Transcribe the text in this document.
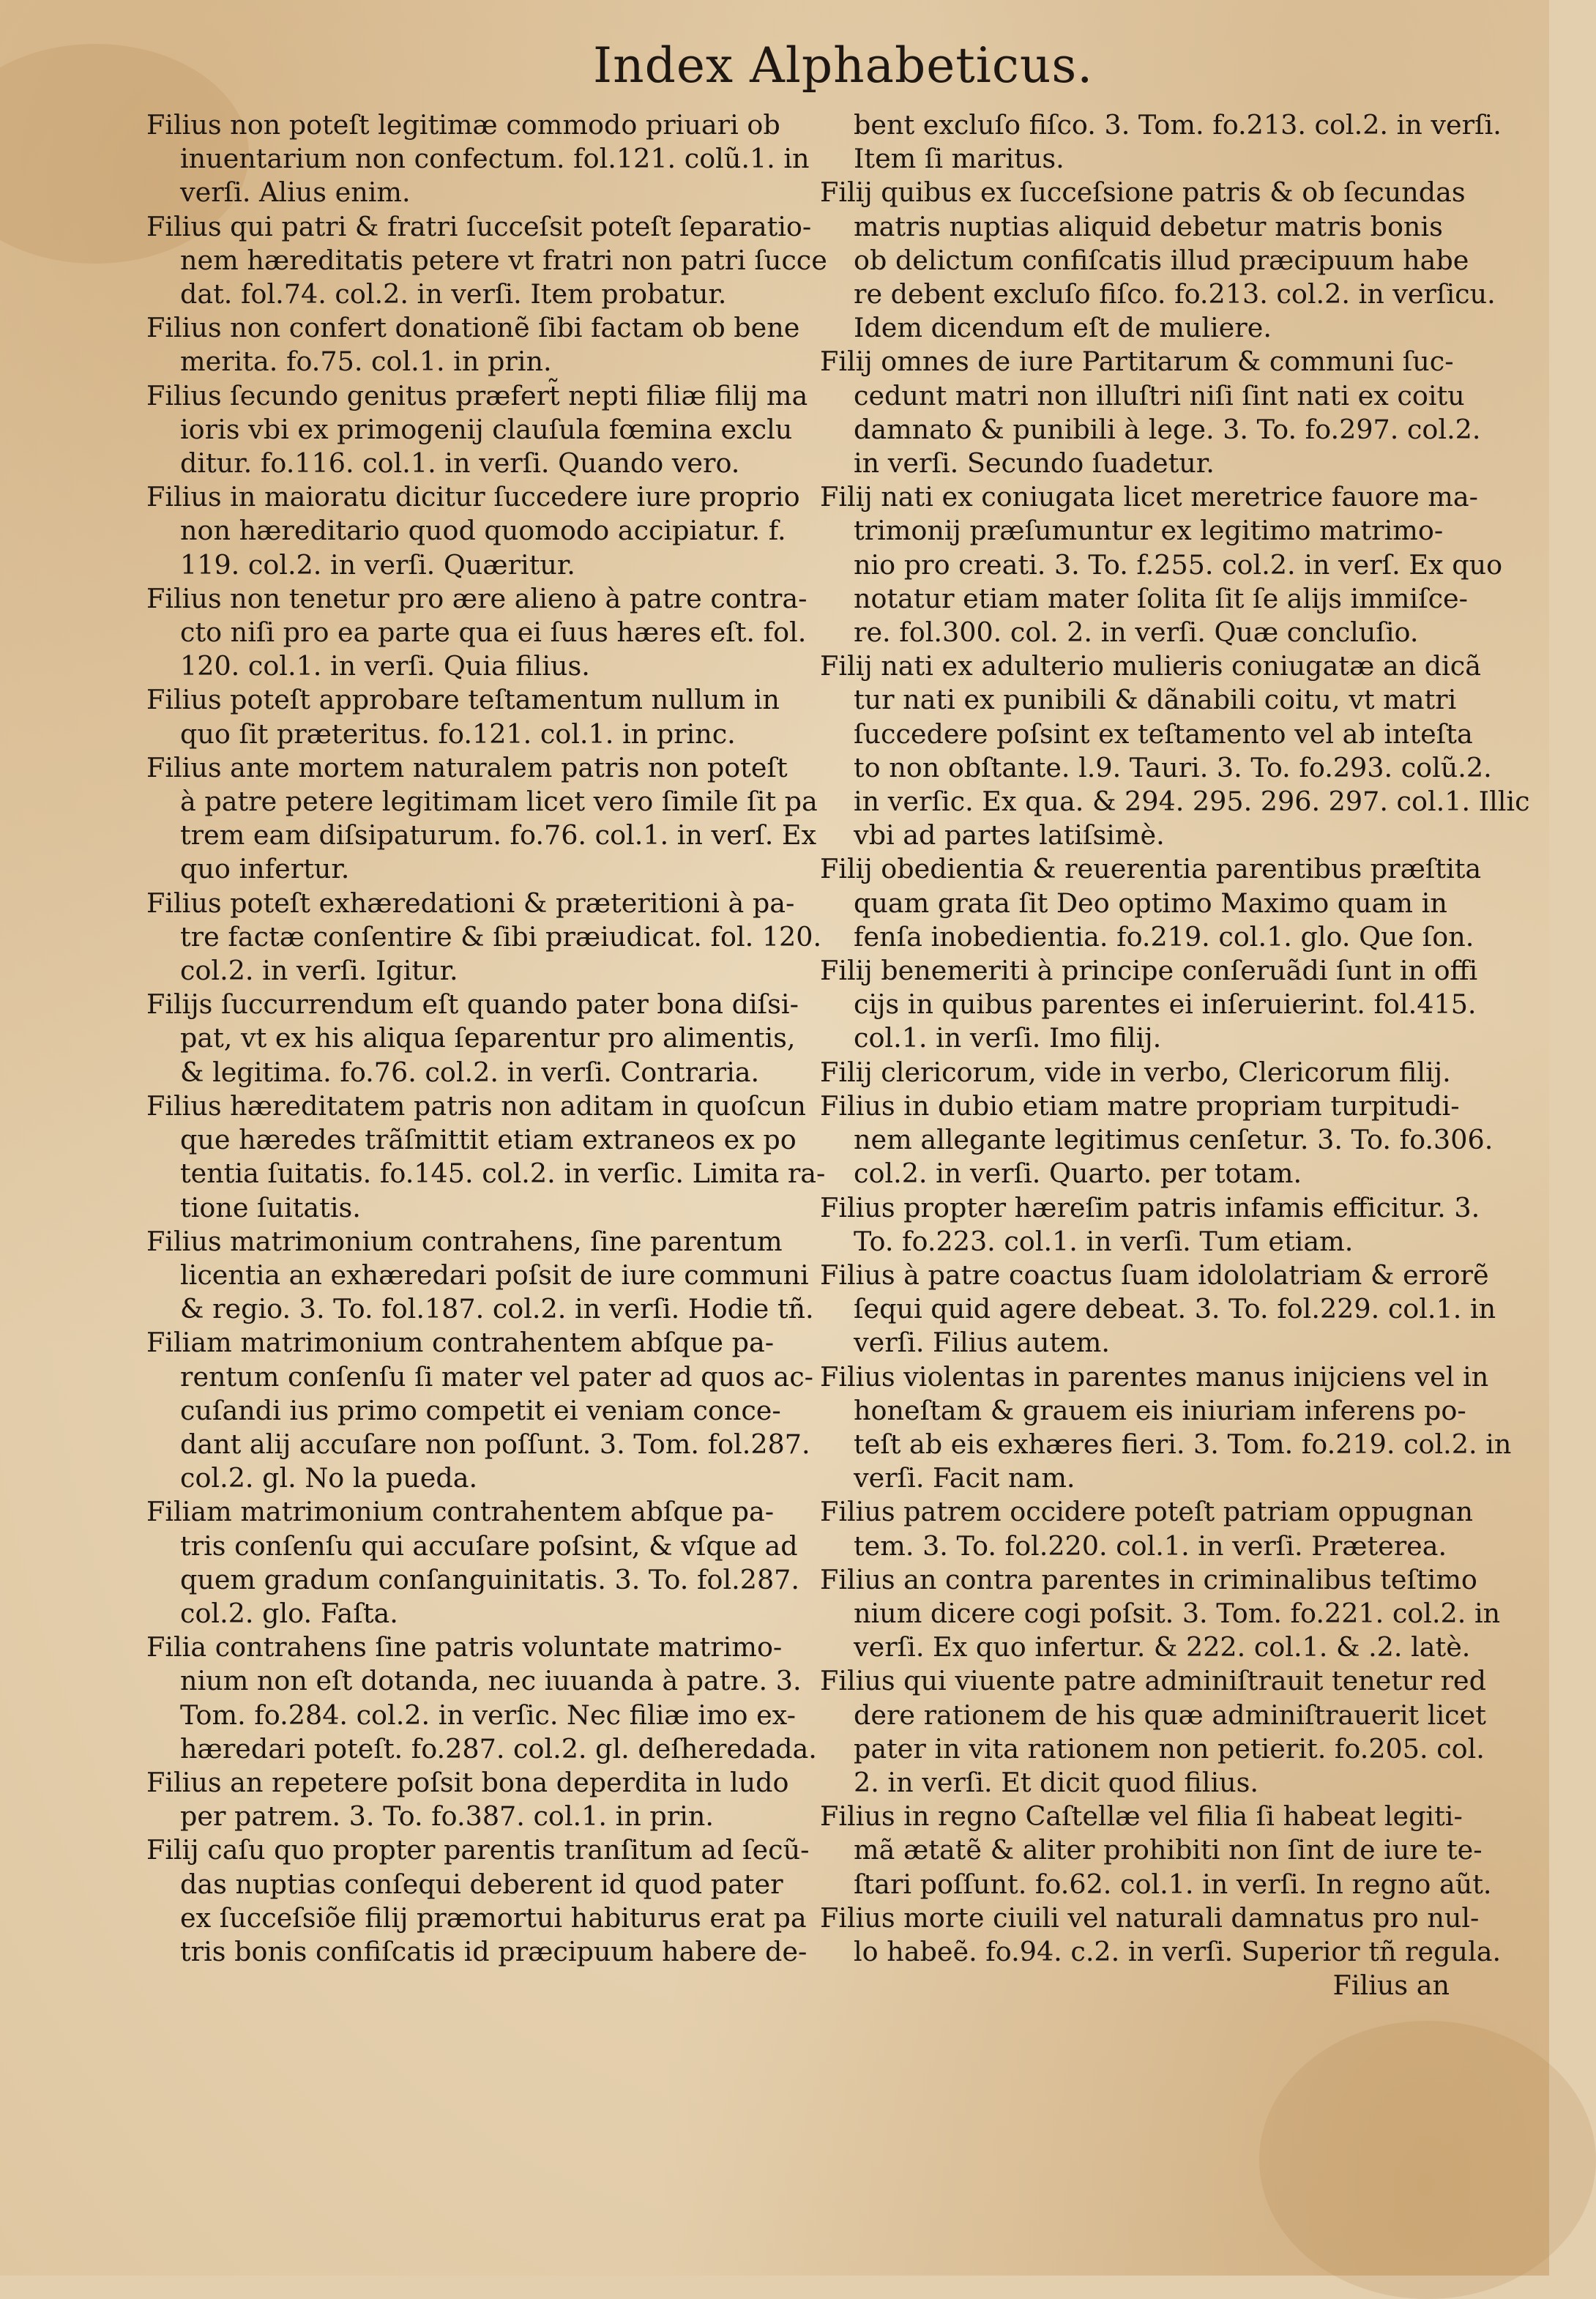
Index Alphabeticus.
Filius non poteſt legitimæ commodo priuari ob
inuentarium non confectum. fol.121. colũ.1. in
verſi. Alius enim.
Filius qui patri & fratri ſucceſsit poteſt ſeparatio-
nem hæreditatis petere vt fratri non patri ſucce
dat. fol.74. col.2. in verſi. Item probatur.
Filius non confert donationẽ ſibi factam ob bene
merita. fo.75. col.1. in prin.
Filius ſecundo genitus præfert̃ nepti filiæ filij ma
ioris vbi ex primogenij clauſula fœmina exclu
ditur. fo.116. col.1. in verſi. Quando vero.
Filius in maioratu dicitur ſuccedere iure proprio
non hæreditario quod quomodo accipiatur. f.
119. col.2. in verſi. Quæritur.
Filius non tenetur pro ære alieno à patre contra-
cto niſi pro ea parte qua ei ſuus hæres eſt. fol.
120. col.1. in verſi. Quia filius.
Filius poteſt approbare teſtamentum nullum in
quo ſit præteritus. fo.121. col.1. in princ.
Filius ante mortem naturalem patris non poteſt
à patre petere legitimam licet vero ſimile ſit pa
trem eam diſsipaturum. fo.76. col.1. in verſ. Ex
quo infertur.
Filius poteſt exhæredationi & præteritioni à pa-
tre factæ conſentire & ſibi præiudicat. fol. 120.
col.2. in verſi. Igitur.
Filijs ſuccurrendum eſt quando pater bona diſsi-
pat, vt ex his aliqua ſeparentur pro alimentis,
& legitima. fo.76. col.2. in verſi. Contraria.
Filius hæreditatem patris non aditam in quoſcun
que hæredes trãſmittit etiam extraneos ex po
tentia ſuitatis. fo.145. col.2. in verſic. Limita ra-
tione ſuitatis.
Filius matrimonium contrahens, ſine parentum
licentia an exhæredari poſsit de iure communi
& regio. 3. To. fol.187. col.2. in verſi. Hodie tñ.
Filiam matrimonium contrahentem abſque pa-
rentum conſenſu ſi mater vel pater ad quos ac-
cuſandi ius primo competit ei veniam conce-
dant alij accuſare non poſſunt. 3. Tom. fol.287.
col.2. gl. No la pueda.
Filiam matrimonium contrahentem abſque pa-
tris conſenſu qui accuſare poſsint, & vſque ad
quem gradum conſanguinitatis. 3. To. fol.287.
col.2. glo. Faſta.
Filia contrahens ſine patris voluntate matrimo-
nium non eſt dotanda, nec iuuanda à patre. 3.
Tom. fo.284. col.2. in verſic. Nec filiæ imo ex-
hæredari poteſt. fo.287. col.2. gl. deſheredada.
Filius an repetere poſsit bona deperdita in ludo
per patrem. 3. To. fo.387. col.1. in prin.
Filij caſu quo propter parentis tranſitum ad ſecũ-
das nuptias conſequi deberent id quod pater
ex ſucceſsiõe filij præmortui habiturus erat pa
tris bonis confiſcatis id præcipuum habere de-
bent excluſo fiſco. 3. Tom. fo.213. col.2. in verſi.
Item ſi maritus.
Filij quibus ex ſucceſsione patris & ob ſecundas
matris nuptias aliquid debetur matris bonis
ob delictum confiſcatis illud præcipuum habe
re debent excluſo fiſco. fo.213. col.2. in verſicu.
Idem dicendum eſt de muliere.
Filij omnes de iure Partitarum & communi ſuc-
cedunt matri non illuſtri niſi ſint nati ex coitu
damnato & punibili à lege. 3. To. fo.297. col.2.
in verſi. Secundo ſuadetur.
Filij nati ex coniugata licet meretrice fauore ma-
trimonij præſumuntur ex legitimo matrimo-
nio pro creati. 3. To. f.255. col.2. in verſ. Ex quo
notatur etiam mater ſolita ſit ſe alijs immiſce-
re. fol.300. col. 2. in verſi. Quæ concluſio.
Filij nati ex adulterio mulieris coniugatæ an dicã
tur nati ex punibili & dãnabili coitu, vt matri
ſuccedere poſsint ex teſtamento vel ab inteſta
to non obſtante. l.9. Tauri. 3. To. fo.293. colũ.2.
in verſic. Ex qua. & 294. 295. 296. 297. col.1. Illic
vbi ad partes latiſsimè.
Filij obedientia & reuerentia parentibus præſtita
quam grata ſit Deo optimo Maximo quam in
fenſa inobedientia. fo.219. col.1. glo. Que ſon.
Filij benemeriti à principe conſeruãdi ſunt in offi
cijs in quibus parentes ei inſeruierint. fol.415.
col.1. in verſi. Imo filij.
Filij clericorum, vide in verbo, Clericorum filij.
Filius in dubio etiam matre propriam turpitudi-
nem allegante legitimus cenſetur. 3. To. fo.306.
col.2. in verſi. Quarto. per totam.
Filius propter hæreſim patris infamis efficitur. 3.
To. fo.223. col.1. in verſi. Tum etiam.
Filius à patre coactus ſuam idololatriam & errorẽ
ſequi quid agere debeat. 3. To. fol.229. col.1. in
verſi. Filius autem.
Filius violentas in parentes manus inijciens vel in
honeſtam & grauem eis iniuriam inferens po-
teſt ab eis exhæres fieri. 3. Tom. fo.219. col.2. in
verſi. Facit nam.
Filius patrem occidere poteſt patriam oppugnan
tem. 3. To. fol.220. col.1. in verſi. Præterea.
Filius an contra parentes in criminalibus teſtimo
nium dicere cogi poſsit. 3. Tom. fo.221. col.2. in
verſi. Ex quo infertur. & 222. col.1. & .2. latè.
Filius qui viuente patre adminiſtrauit tenetur red
dere rationem de his quæ adminiſtrauerit licet
pater in vita rationem non petierit. fo.205. col.
2. in verſi. Et dicit quod filius.
Filius in regno Caſtellæ vel filia ſi habeat legiti-
mã ætatẽ & aliter prohibiti non ſint de iure te-
ſtari poſſunt. fo.62. col.1. in verſi. In regno aũt.
Filius morte ciuili vel naturali damnatus pro nul-
lo habeẽ. fo.94. c.2. in verſi. Superior tñ regula.
Filius an
